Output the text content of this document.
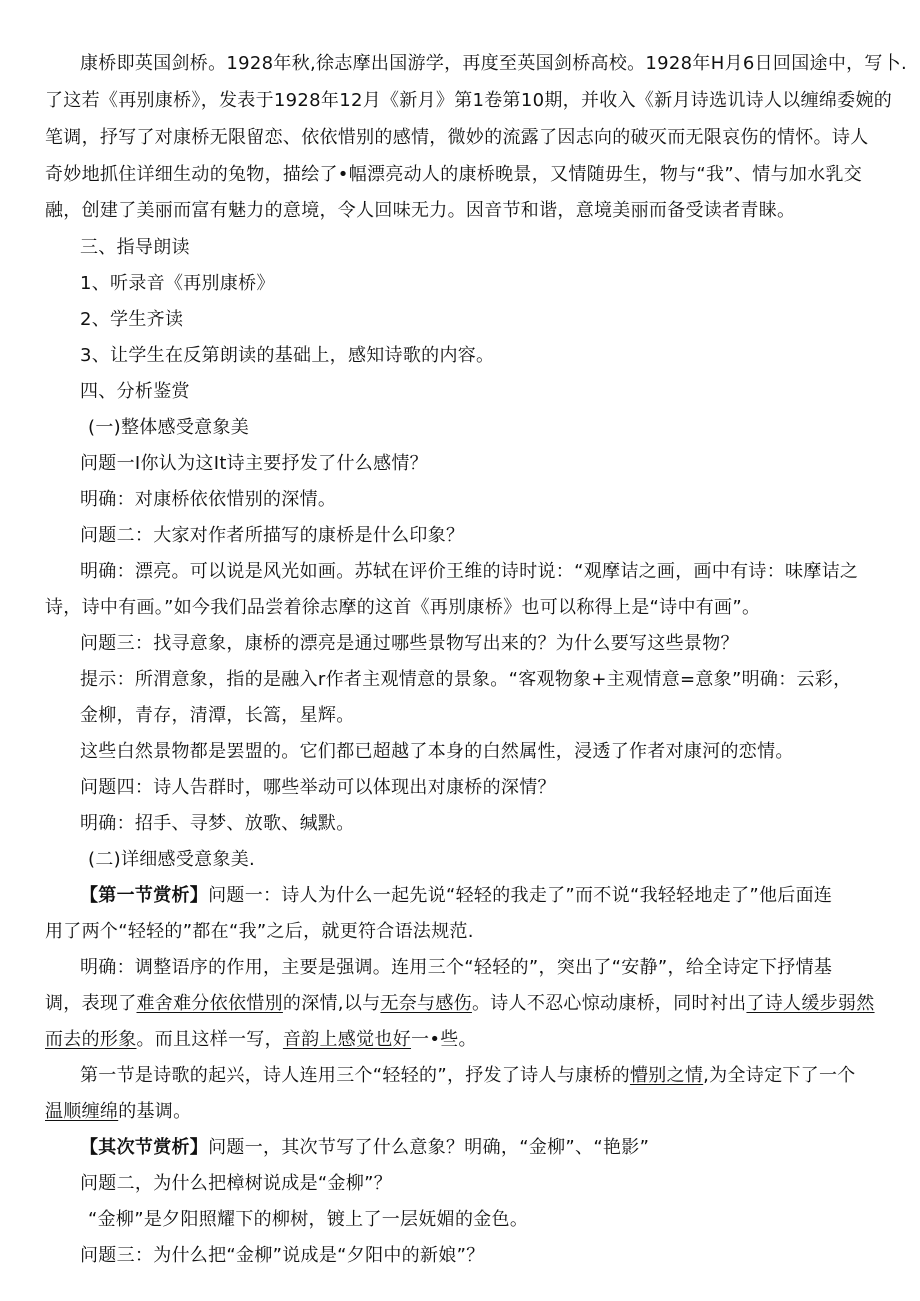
康桥即英国剑桥。1928年秋,徐志摩出国游学，再度至英国剑桥高校。1928年H月6日回国途中，写卜.

了这若《再别康桥》，发表于1928年12月《新月》第1卷第10期，并收入《新月诗选讥诗人以缠绵委婉的

笔调，抒写了对康桥无限留恋、依依惜别的感情，微妙的流露了因志向的破灭而无限哀伤的情怀。诗人

奇妙地抓住详细生动的兔物，描绘了•幅漂亮动人的康桥晚景，又情随毋生，物与“我”、情与加水乳交

融，创建了美丽而富有魅力的意境，令人回味无力。因音节和谐，意境美丽而备受读者青睐。

三、指导朗读

1、听录音《再別康桥》

2、学生齐读

3、让学生在反第朗读的基础上，感知诗歌的内容。

四、分析鉴赏

(一)整体感受意象美

问题一I你认为这It诗主要抒发了什么感情？

明确：对康桥依依惜别的深情。

问题二：大家对作者所描写的康桥是什么印象？

明确：漂亮。可以说是风光如画。苏轼在评价王维的诗时说：“观摩诘之画，画中有诗：味摩诘之

诗，诗中有画。”如今我们品尝着徐志摩的这首《再別康桥》也可以称得上是“诗中有画”。

问题三：找寻意象，康桥的漂亮是通过哪些景物写出来的？为什么要写这些景物？

提示：所渭意象，指的是融入r作者主观情意的景象。“客观物象+主观情意=意象”明确：云彩，

金柳，青存，清潭，长篙，星辉。

这些白然景物都是罢盟的。它们都已超越了本身的白然属性，浸透了作者对康河的恋情。

问题四：诗人告群时，哪些举动可以体现出对康桥的深情？

明确：招手、寻梦、放歌、缄默。

(二)详细感受意象美.

【第一节赏析】问题一：诗人为什么一起先说“轻轻的我走了”而不说“我轻轻地走了”他后面连

用了两个“轻轻的”都在“我”之后，就更符合语法规范.

明确：调整语序的作用，主要是强调。连用三个“轻轻的”，突出了“安静”，给全诗定下抒情基

调，表现了难舍难分依依惜別的深情,以与无奈与感伤。诗人不忍心惊动康桥，同时衬出了诗人缓步弱然

而去的形象。而且这样一写，音韵上感觉也好一•些。

第一节是诗歌的起兴，诗人连用三个“轻轻的”，抒发了诗人与康桥的懵别之情,为全诗定下了一个

温顺缠绵的基调。

【其次节赏析】问题一，其次节写了什么意象？明确，“金柳”、“艳影”

问题二，为什么把樟树说成是“金柳”？

“金柳”是夕阳照耀下的柳树，镀上了一层妩媚的金色。

问题三：为什么把“金柳”说成是“夕阳中的新娘”？
